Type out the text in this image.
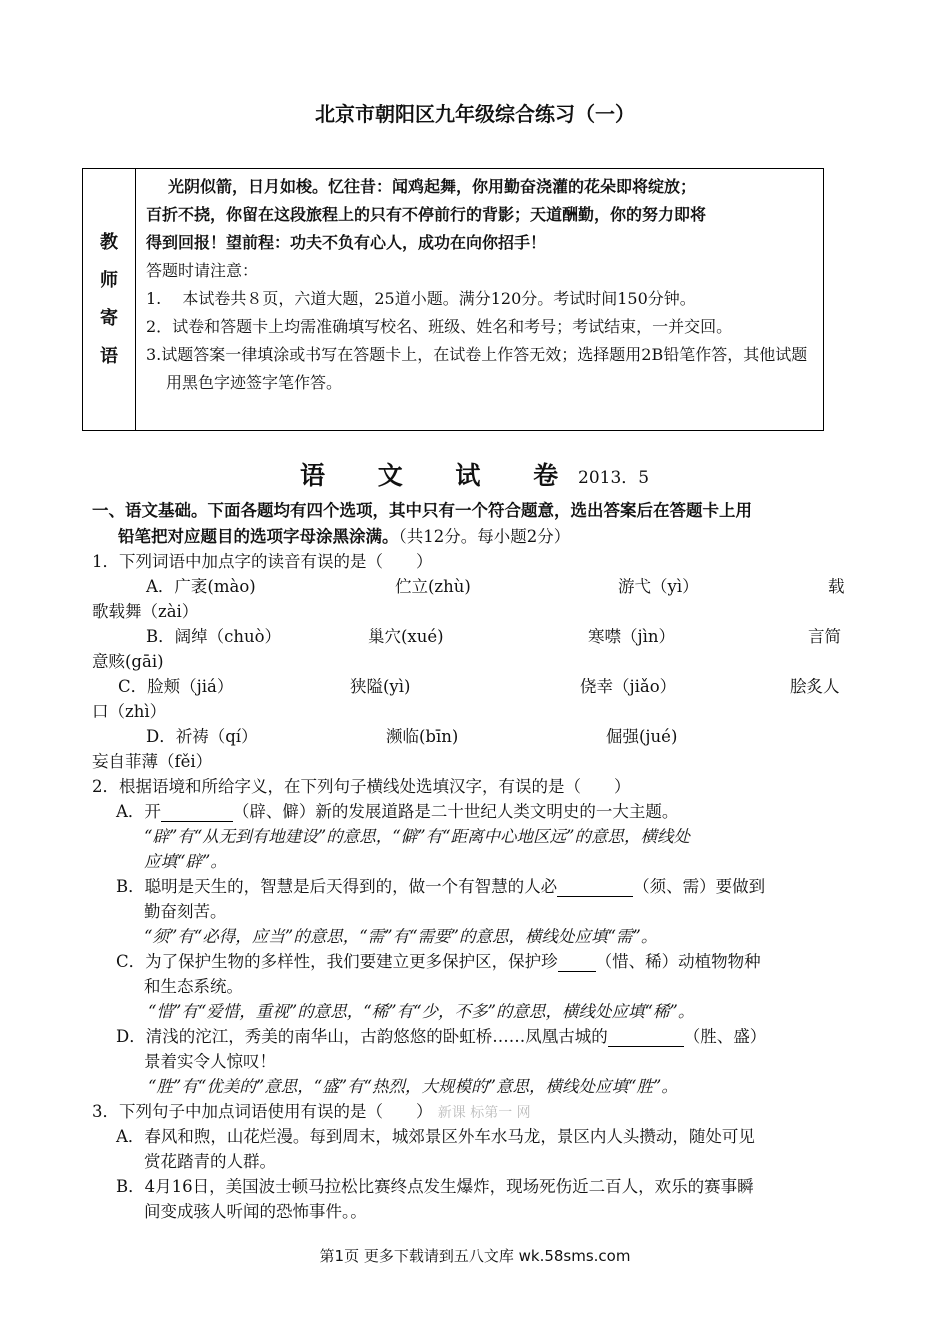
北京市朝阳区九年级综合练习（一）
教
师
寄
语

光阴似箭，日月如梭。忆往昔：闻鸡起舞，你用勤奋浇灌的花朵即将绽放；
百折不挠，你留在这段旅程上的只有不停前行的背影；天道酬勤，你的努力即将
得到回报！望前程：功夫不负有心人，成功在向你招手！
答题时请注意：
1.　 本试卷共８页，六道大题，25道小题。满分120分。考试时间150分钟。
2．试卷和答题卡上均需准确填写校名、班级、姓名和考号；考试结束，一并交回。
3.试题答案一律填涂或书写在答题卡上，在试卷上作答无效；选择题用2B铅笔作答，其他试题用黑色字迹签字笔作答。
语 文 试 卷
2013．5
一、语文基础。下面各题均有四个选项，其中只有一个符合题意，选出答案后在答题卡上用
铅笔把对应题目的选项字母涂黑涂满。（共12分。每小题2分）
1．下列词语中加点字的读音有误的是（　　）
A．广袤(mào)	伫立(zhù)	游弋（yì）	载
歌载舞（zài）
B．阔绰（chuò）	巢穴(xué)	寒噤（jìn）	言简
意赅(gāi)
C．脸颊（jiá）	狭隘(yì)	侥幸（jiǎo）	脍炙人
口（zhì）
D．祈祷（qí）	濒临(bīn)	倔强(jué)
妄自菲薄（fěi）
2．根据语境和所给字义，在下列句子横线处选填汉字，有误的是（　　）
A．开	（辟、僻）新的发展道路是二十世纪人类文明史的一大主题。
“辟”有“从无到有地建设”的意思，“僻”有“距离中心地区远”的意思，横线处
应填“辟”。
B．聪明是天生的，智慧是后天得到的，做一个有智慧的人必	（须、需）要做到
勤奋刻苦。
“须”有“必得，应当”的意思，“需”有“需要”的意思，横线处应填“需”。
C．为了保护生物的多样性，我们要建立更多保护区，保护珍 （惜、稀）动植物物种
和生态系统。
“惜”有“爱惜，重视”的意思，“稀”有“少，不多”的意思，横线处应填“稀”。
D．清浅的沱江，秀美的南华山，古韵悠悠的卧虹桥……凤凰古城的	（胜、盛）
景着实令人惊叹！
“胜”有“优美的”意思，“盛”有“热烈，大规模的”意思，横线处应填“胜”。
3．下列句子中加点词语使用有误的是（　　） 新课 标第一 网
A．春风和煦，山花烂漫。每到周末，城郊景区外车水马龙，景区内人头攒动，随处可见
赏花踏青的人群。
B．4月16日，美国波士顿马拉松比赛终点发生爆炸，现场死伤近二百人，欢乐的赛事瞬
间变成骇人听闻的恐怖事件。。
第1页 更多下载请到五八文库 wk.58sms.com
